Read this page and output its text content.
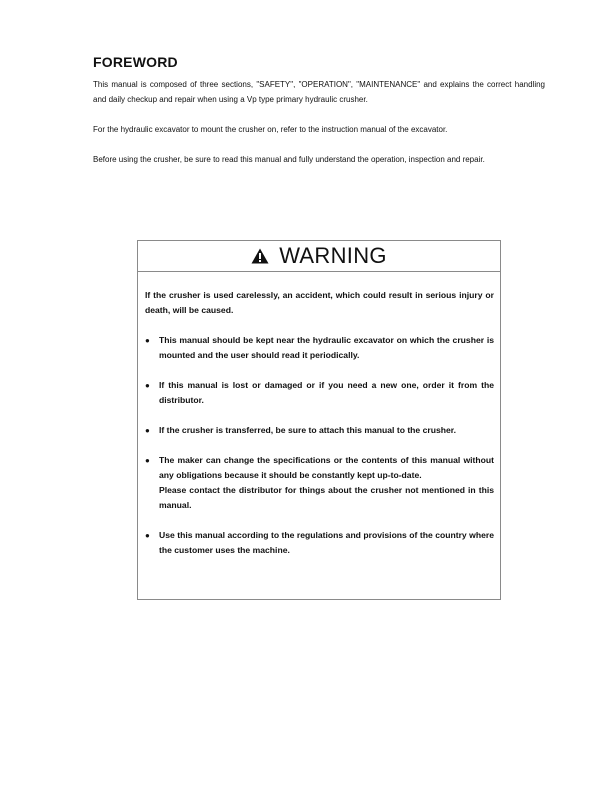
FOREWORD

This manual is composed of three sections, "SAFETY", "OPERATION", "MAINTENANCE" and explains the correct handling and daily checkup and repair when using a Vp type primary hydraulic crusher.

For the hydraulic excavator to mount the crusher on, refer to the instruction manual of the excavator.

Before using the crusher, be sure to read this manual and fully understand the operation, inspection and repair.

WARNING

If the crusher is used carelessly, an accident, which could result in serious injury or death, will be caused.

● This manual should be kept near the hydraulic excavator on which the crusher is mounted and the user should read it periodically.

● If this manual is lost or damaged or if you need a new one, order it from the distributor.

● If the crusher is transferred, be sure to attach this manual to the crusher.

● The maker can change the specifications or the contents of this manual without any obligations because it should be constantly kept up-to-date.

Please contact the distributor for things about the crusher not mentioned in this manual.

● Use this manual according to the regulations and provisions of the country where the customer uses the machine.
